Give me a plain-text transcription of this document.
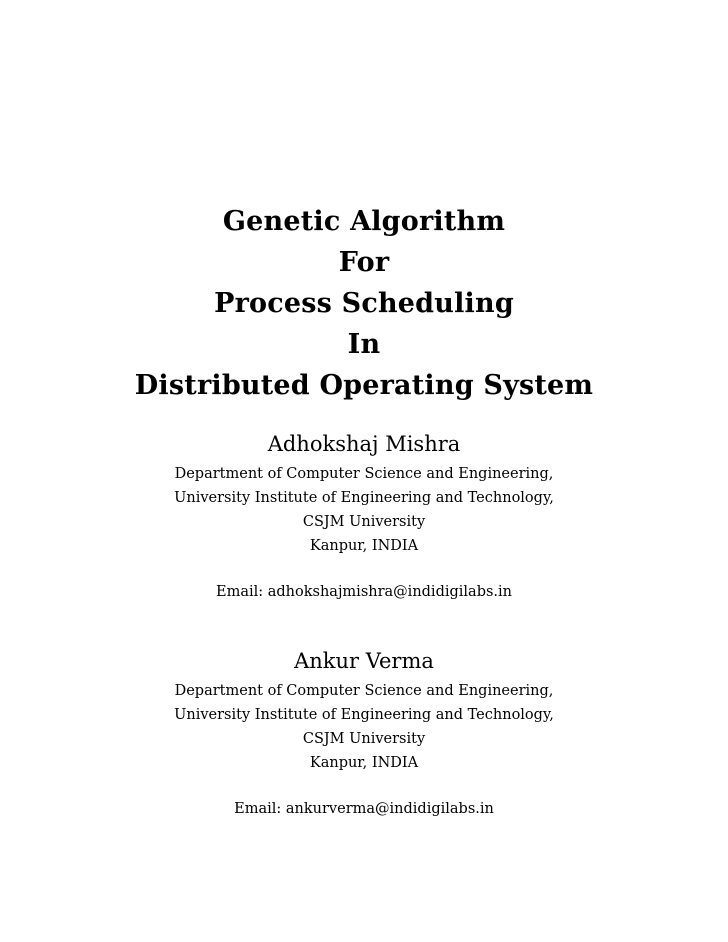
Genetic Algorithm
For
Process Scheduling
In
Distributed Operating System
Adhokshaj Mishra
Department of Computer Science and Engineering,
University Institute of Engineering and Technology,
CSJM University
Kanpur, INDIA
Email: adhokshajmishra@indidigilabs.in
Ankur Verma
Department of Computer Science and Engineering,
University Institute of Engineering and Technology,
CSJM University
Kanpur, INDIA
Email: ankurverma@indidigilabs.in
